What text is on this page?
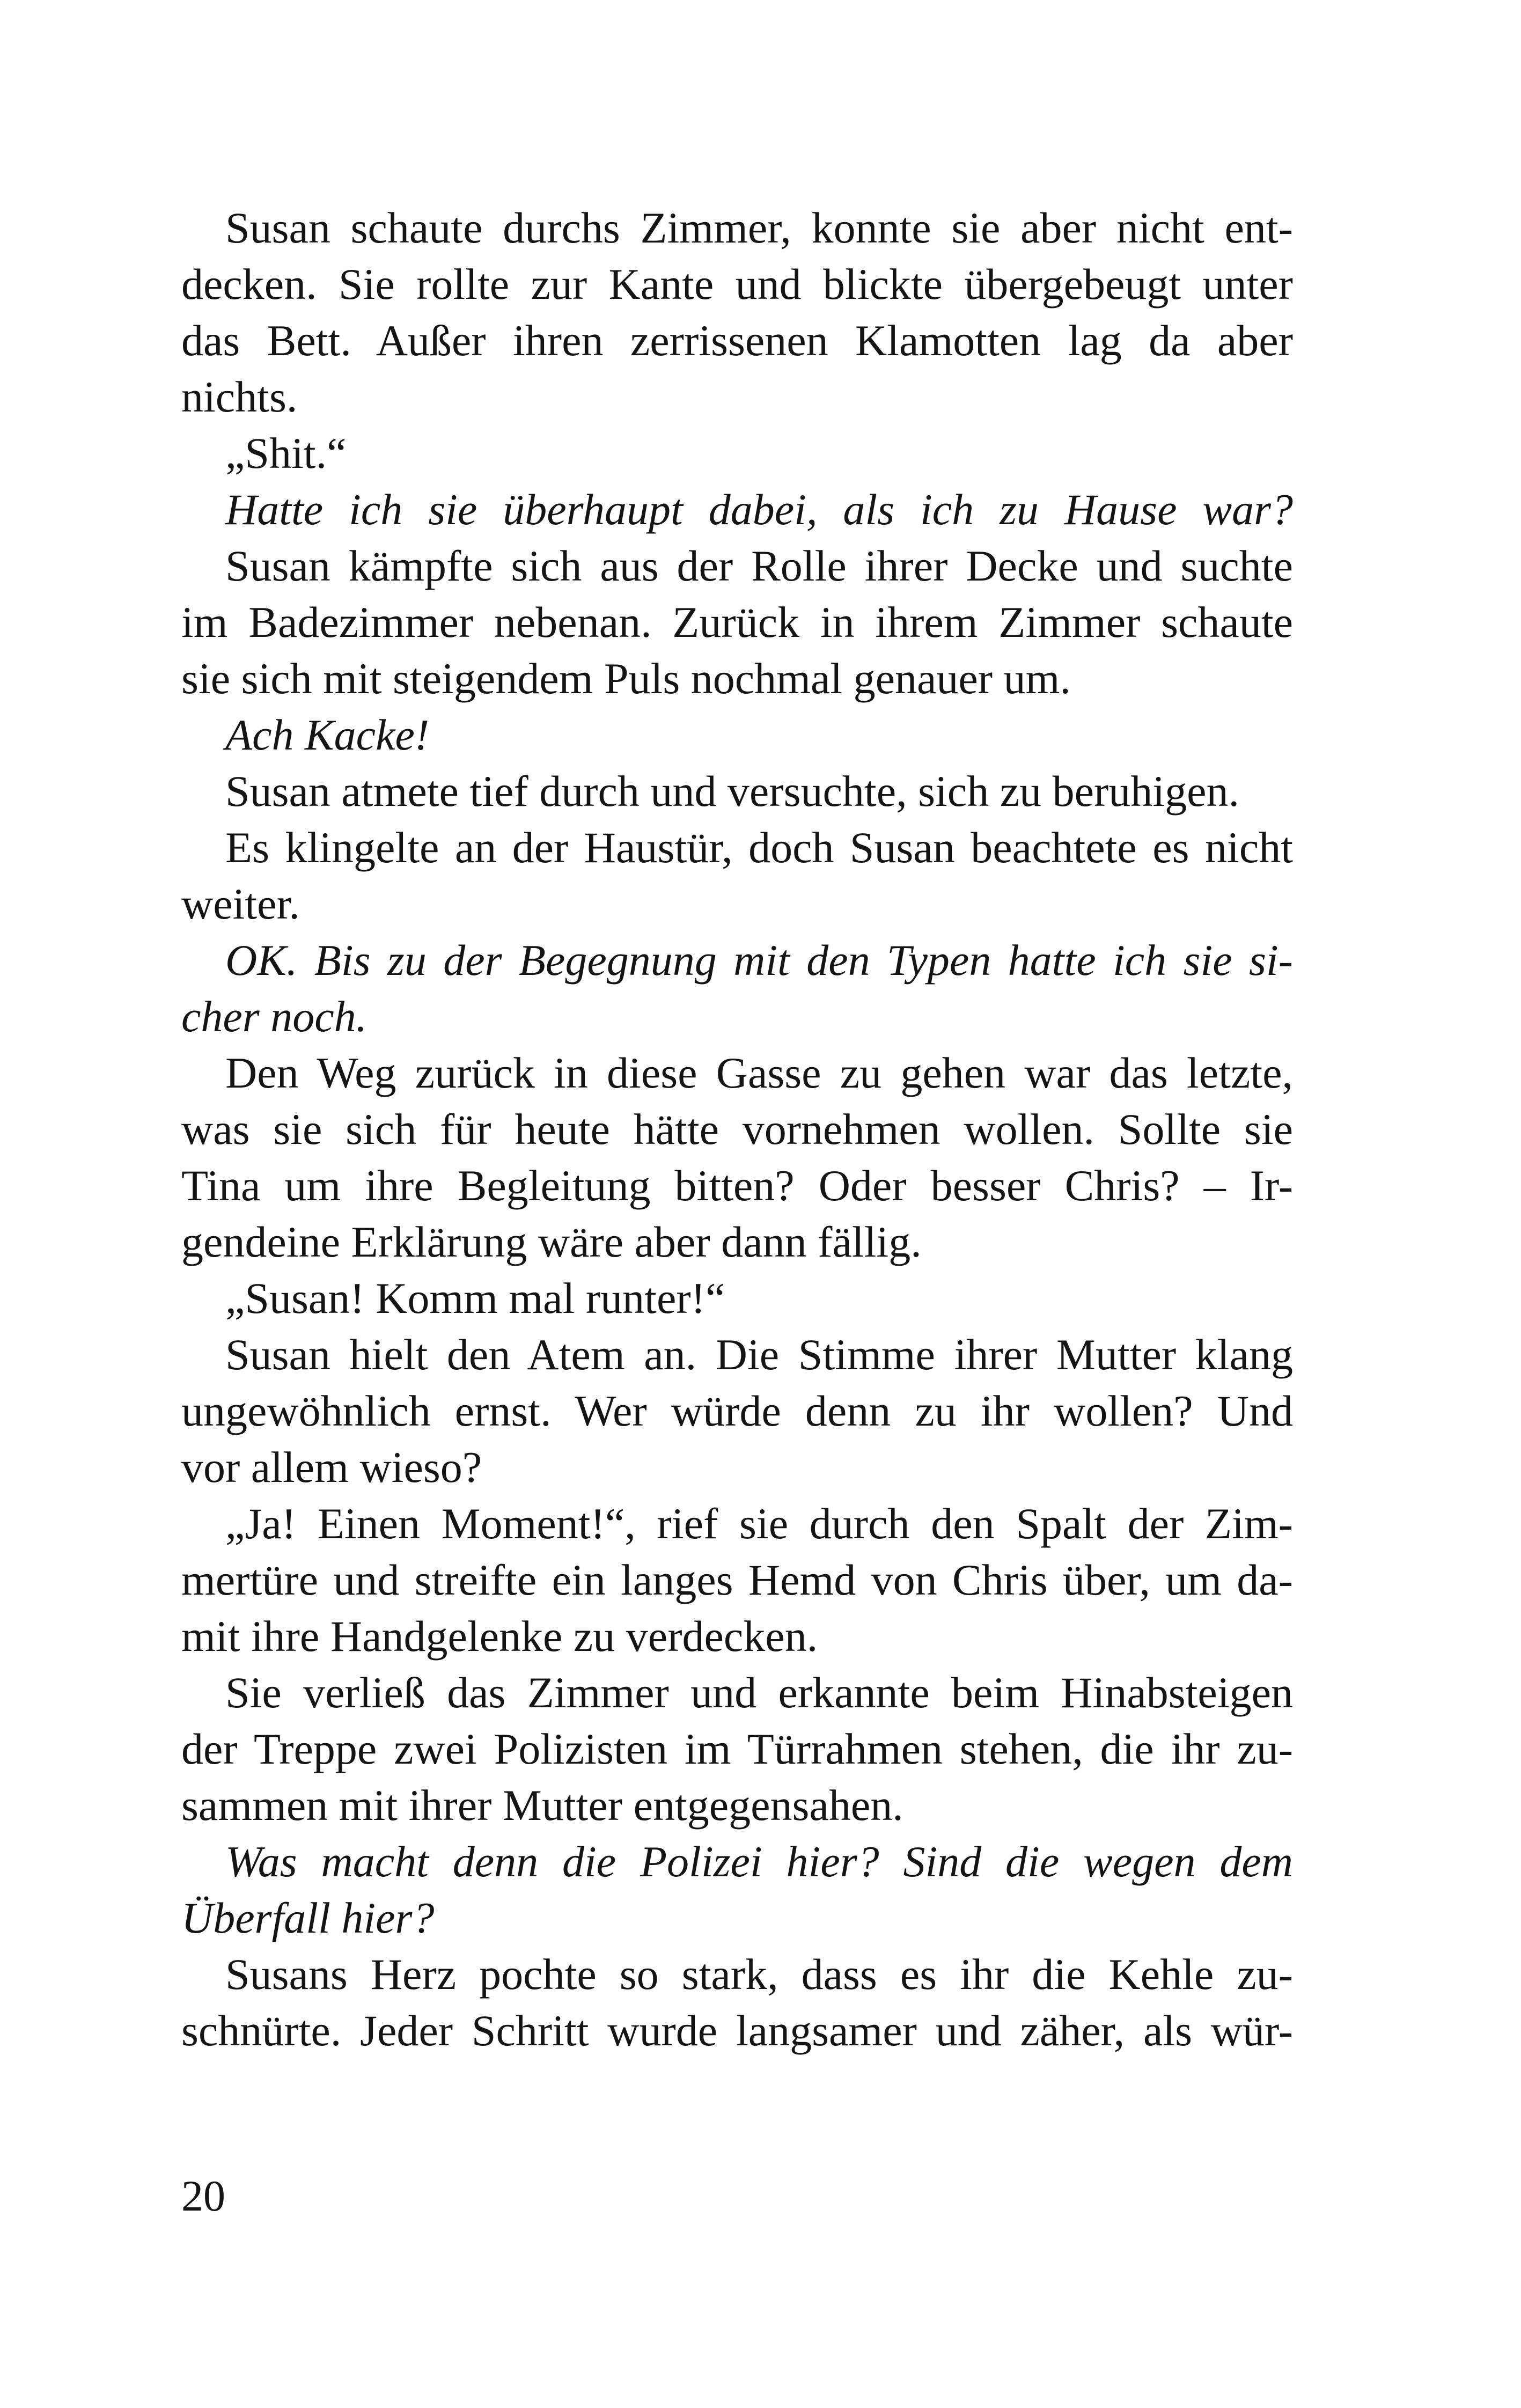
Susan schaute durchs Zimmer, konnte sie aber nicht ent-
decken. Sie rollte zur Kante und blickte übergebeugt unter
das Bett. Außer ihren zerrissenen Klamotten lag da aber
nichts.
„Shit.“
Hatte ich sie überhaupt dabei, als ich zu Hause war?
Susan kämpfte sich aus der Rolle ihrer Decke und suchte
im Badezimmer nebenan. Zurück in ihrem Zimmer schaute
sie sich mit steigendem Puls nochmal genauer um.
Ach Kacke!
Susan atmete tief durch und versuchte, sich zu beruhigen.
Es klingelte an der Haustür, doch Susan beachtete es nicht
weiter.
OK. Bis zu der Begegnung mit den Typen hatte ich sie si-
cher noch.
Den Weg zurück in diese Gasse zu gehen war das letzte,
was sie sich für heute hätte vornehmen wollen. Sollte sie
Tina um ihre Begleitung bitten? Oder besser Chris? – Ir-
gendeine Erklärung wäre aber dann fällig.
„Susan! Komm mal runter!“
Susan hielt den Atem an. Die Stimme ihrer Mutter klang
ungewöhnlich ernst. Wer würde denn zu ihr wollen? Und
vor allem wieso?
„Ja! Einen Moment!“, rief sie durch den Spalt der Zim-
mertüre und streifte ein langes Hemd von Chris über, um da-
mit ihre Handgelenke zu verdecken.
Sie verließ das Zimmer und erkannte beim Hinabsteigen
der Treppe zwei Polizisten im Türrahmen stehen, die ihr zu-
sammen mit ihrer Mutter entgegensahen.
Was macht denn die Polizei hier? Sind die wegen dem
Überfall hier?
Susans Herz pochte so stark, dass es ihr die Kehle zu-
schnürte. Jeder Schritt wurde langsamer und zäher, als wür-
20
